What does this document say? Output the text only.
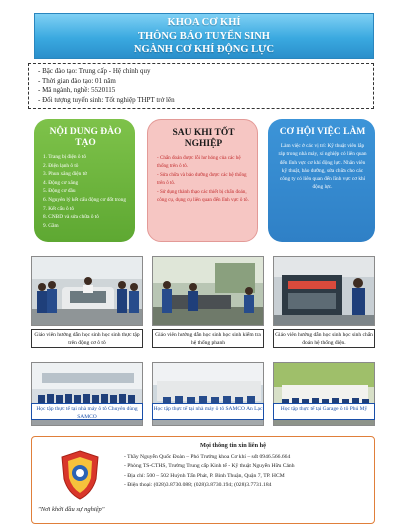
KHOA CƠ KHÍ
THÔNG BÁO TUYỂN SINH
NGÀNH CƠ KHÍ ĐỘNG LỰC
- Bậc đào tạo: Trung cấp - Hệ chính quy
- Thời gian đào tạo: 01 năm
- Mã ngành, nghề: 5520115
- Đối tượng tuyển sinh: Tốt nghiệp THPT trở lên
NỘI DUNG ĐÀO TẠO
1. Trang bị điện ô tô
2. Điện lạnh ô tô
3. Phun xăng điện tử
4. Động cơ xăng
5. Động cơ dầu
6. Nguyên lý kết cấu động cơ đốt trong
7. Kết cấu ô tô
8. CNBD và sửa chữa ô tô
9. Gầm
SAU KHI TỐT
NGHIỆP
- Chẩn đoán được lỗi hư hỏng của các hệ thống trên ô tô.
- Sửa chữa và bảo dưỡng được các hệ thống trên ô tô.
- Sử dụng thành thạo các thiết bị chẩn đoán, công cụ, dụng cụ liên quan đến lĩnh vực ô tô.
CƠ HỘI VIỆC LÀM
Làm việc ở các vị trí: Kỹ thuật viên lắp ráp trong nhà máy, xí nghiệp có liên quan đến lĩnh vực cơ khí động lực. Nhân viên kỹ thuật, bảo dưỡng, sửa chữa cho các công ty có liên quan đến lĩnh vực cơ khí động lực.
Giáo viên hướng dẫn học sinh học sinh thực tập trên động cơ ô tô
Giáo viên hướng dẫn học sinh học sinh kiểm tra hệ thống phanh
Giáo viên hướng dẫn học sinh học sinh chẩn đoán hệ thống điện.
Học tập thực tế tại nhà máy ô tô Chuyên dùng SAMCO
Học tập thực tế tại nhà máy ô tô SAMCO An Lạc	Học tập thực tế tại Garage ô tô Phú Mỹ
Mọi thông tin xin liên hệ
- Thầy Nguyễn Quốc Đoàn – Phó Trưởng khoa Cơ khí – sđt 0946.566.664
- Phòng TS-CTHS, Trường Trung cấp Kinh tế - Kỹ thuật Nguyễn Hữu Cảnh
- Địa chỉ: 500 – 502 Huỳnh Tấn Phát, P. Bình Thuận, Quận 7, TP. HCM
- Điện thoại: (028)3.8730.088; (028)3.8730.194; (028)3.7731.184
"Nơi khởi đầu sự nghiệp"
